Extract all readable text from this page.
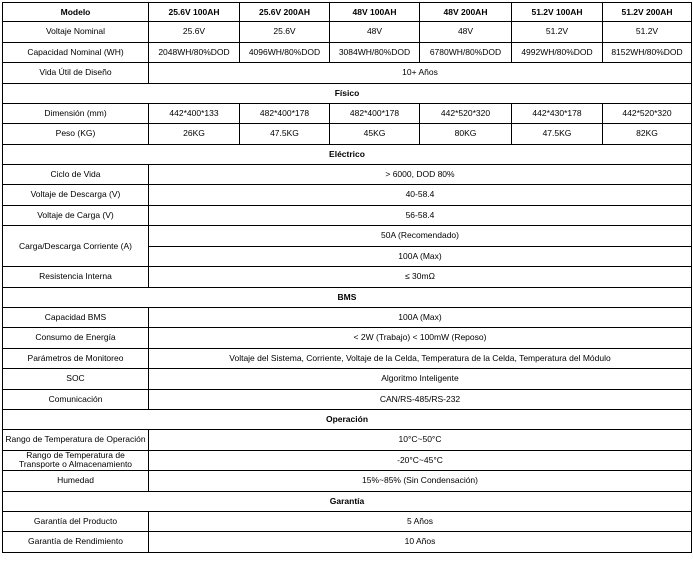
Modelo	25.6V 100AH	25.6V 200AH	48V 100AH	48V 200AH	51.2V 100AH	51.2V 200AH
Voltaje Nominal	25.6V	25.6V	48V	48V	51.2V	51.2V
Capacidad Nominal (WH)	2048WH/80%DOD	4096WH/80%DOD	3084WH/80%DOD	6780WH/80%DOD	4992WH/80%DOD	8152WH/80%DOD
Vida Útil de Diseño	10+ Años					
Físico						
Dimensión (mm)	442*400*133	482*400*178	482*400*178	442*520*320	442*430*178	442*520*320
Peso (KG)	26KG	47.5KG	45KG	80KG	47.5KG	82KG
Eléctrico						
Ciclo de Vida	> 6000, DOD 80%					
Voltaje de Descarga (V)	40-58.4					
Voltaje de Carga (V)	56-58.4					
Carga/Descarga Corriente (A)	50A (Recomendado)					
	100A (Max)					
Resistencia Interna	≤ 30mΩ					
BMS						
Capacidad BMS	100A (Max)					
Consumo de Energía	< 2W (Trabajo) < 100mW (Reposo)					
Parámetros de Monitoreo	Voltaje del Sistema, Corriente, Voltaje de la Celda, Temperatura de la Celda, Temperatura del Módulo					
SOC	Algoritmo Inteligente					
Comunicación	CAN/RS-485/RS-232					
Operación						
Rango de Temperatura de Operación	10°C~50°C					
Rango de Temperatura de Transporte o Almacenamiento	-20°C~45°C					
Humedad	15%~85% (Sin Condensación)					
Garantía						
Garantía del Producto	5 Años					
Garantía de Rendimiento	10 Años					
